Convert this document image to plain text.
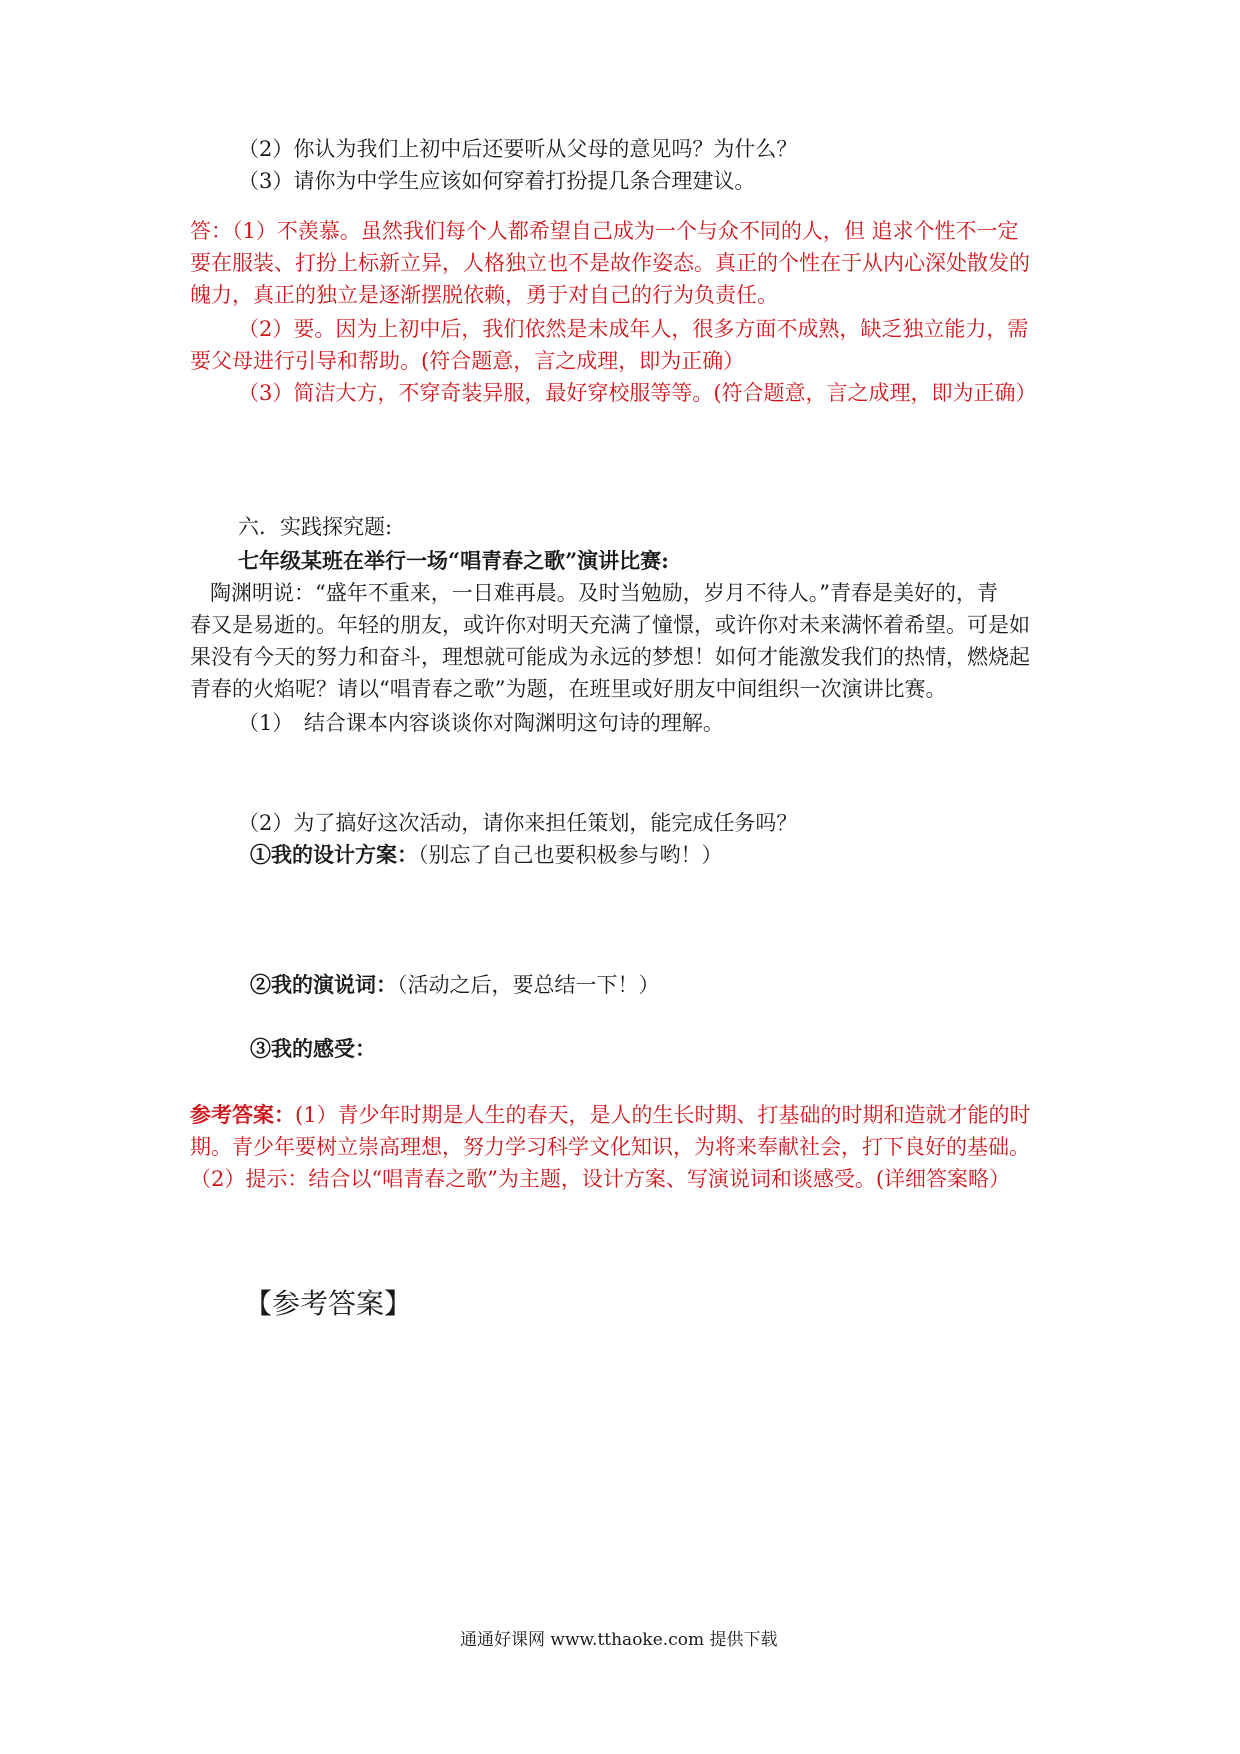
（2）你认为我们上初中后还要听从父母的意见吗？为什么？
（3）请你为中学生应该如何穿着打扮提几条合理建议。
答：（1）不羡慕。虽然我们每个人都希望自己成为一个与众不同的人，但 追求个性不一定
要在服装、打扮上标新立异，人格独立也不是故作姿态。真正的个性在于从内心深处散发的
魄力，真正的独立是逐渐摆脱依赖，勇于对自己的行为负责任。
（2）要。因为上初中后，我们依然是未成年人，很多方面不成熟，缺乏独立能力，需
要父母进行引导和帮助。(符合题意，言之成理，即为正确）
（3）简洁大方，不穿奇装异服，最好穿校服等等。(符合题意，言之成理，即为正确）
六．实践探究题:
七年级某班在举行一场“唱青春之歌”演讲比赛:
陶渊明说：“盛年不重来，一日难再晨。及时当勉励，岁月不待人。”青春是美好的，青
春又是易逝的。年轻的朋友，或许你对明天充满了憧憬，或许你对未来满怀着希望。可是如
果没有今天的努力和奋斗，理想就可能成为永远的梦想！如何才能激发我们的热情，燃烧起
青春的火焰呢？请以“唱青春之歌”为题，在班里或好朋友中间组织一次演讲比赛。
（1）　结合课本内容谈谈你对陶渊明这句诗的理解。
（2）为了搞好这次活动，请你来担任策划，能完成任务吗？
①我的设计方案：（别忘了自己也要积极参与哟！）
②我的演说词：（活动之后，要总结一下！）
③我的感受：
参考答案：(1）青少年时期是人生的春天，是人的生长时期、打基础的时期和造就才能的时
期。青少年要树立崇高理想，努力学习科学文化知识，为将来奉献社会，打下良好的基础。
（2）提示：结合以“唱青春之歌”为主题，设计方案、写演说词和谈感受。(详细答案略）
【参考答案】
通通好课网 www.tthaoke.com 提供下载
